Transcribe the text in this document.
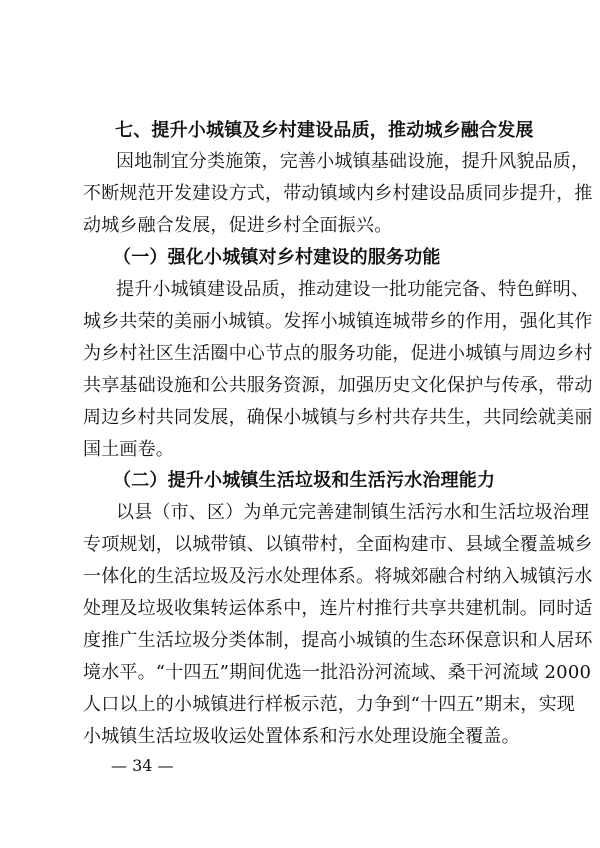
七、提升小城镇及乡村建设品质，推动城乡融合发展
因地制宜分类施策，完善小城镇基础设施，提升风貌品质，
不断规范开发建设方式，带动镇域内乡村建设品质同步提升，推
动城乡融合发展，促进乡村全面振兴。
（一）强化小城镇对乡村建设的服务功能
提升小城镇建设品质，推动建设一批功能完备、特色鲜明、
城乡共荣的美丽小城镇。发挥小城镇连城带乡的作用，强化其作
为乡村社区生活圈中心节点的服务功能，促进小城镇与周边乡村
共享基础设施和公共服务资源，加强历史文化保护与传承，带动
周边乡村共同发展，确保小城镇与乡村共存共生，共同绘就美丽
国土画卷。
（二）提升小城镇生活垃圾和生活污水治理能力
以县（市、区）为单元完善建制镇生活污水和生活垃圾治理
专项规划，以城带镇、以镇带村，全面构建市、县域全覆盖城乡
一体化的生活垃圾及污水处理体系。将城郊融合村纳入城镇污水
处理及垃圾收集转运体系中，连片村推行共享共建机制。同时适
度推广生活垃圾分类体制，提高小城镇的生态环保意识和人居环
境水平。“十四五”期间优选一批沿汾河流域、桑干河流域 2000
人口以上的小城镇进行样板示范，力争到“十四五”期末，实现
小城镇生活垃圾收运处置体系和污水处理设施全覆盖。
— 34 —
